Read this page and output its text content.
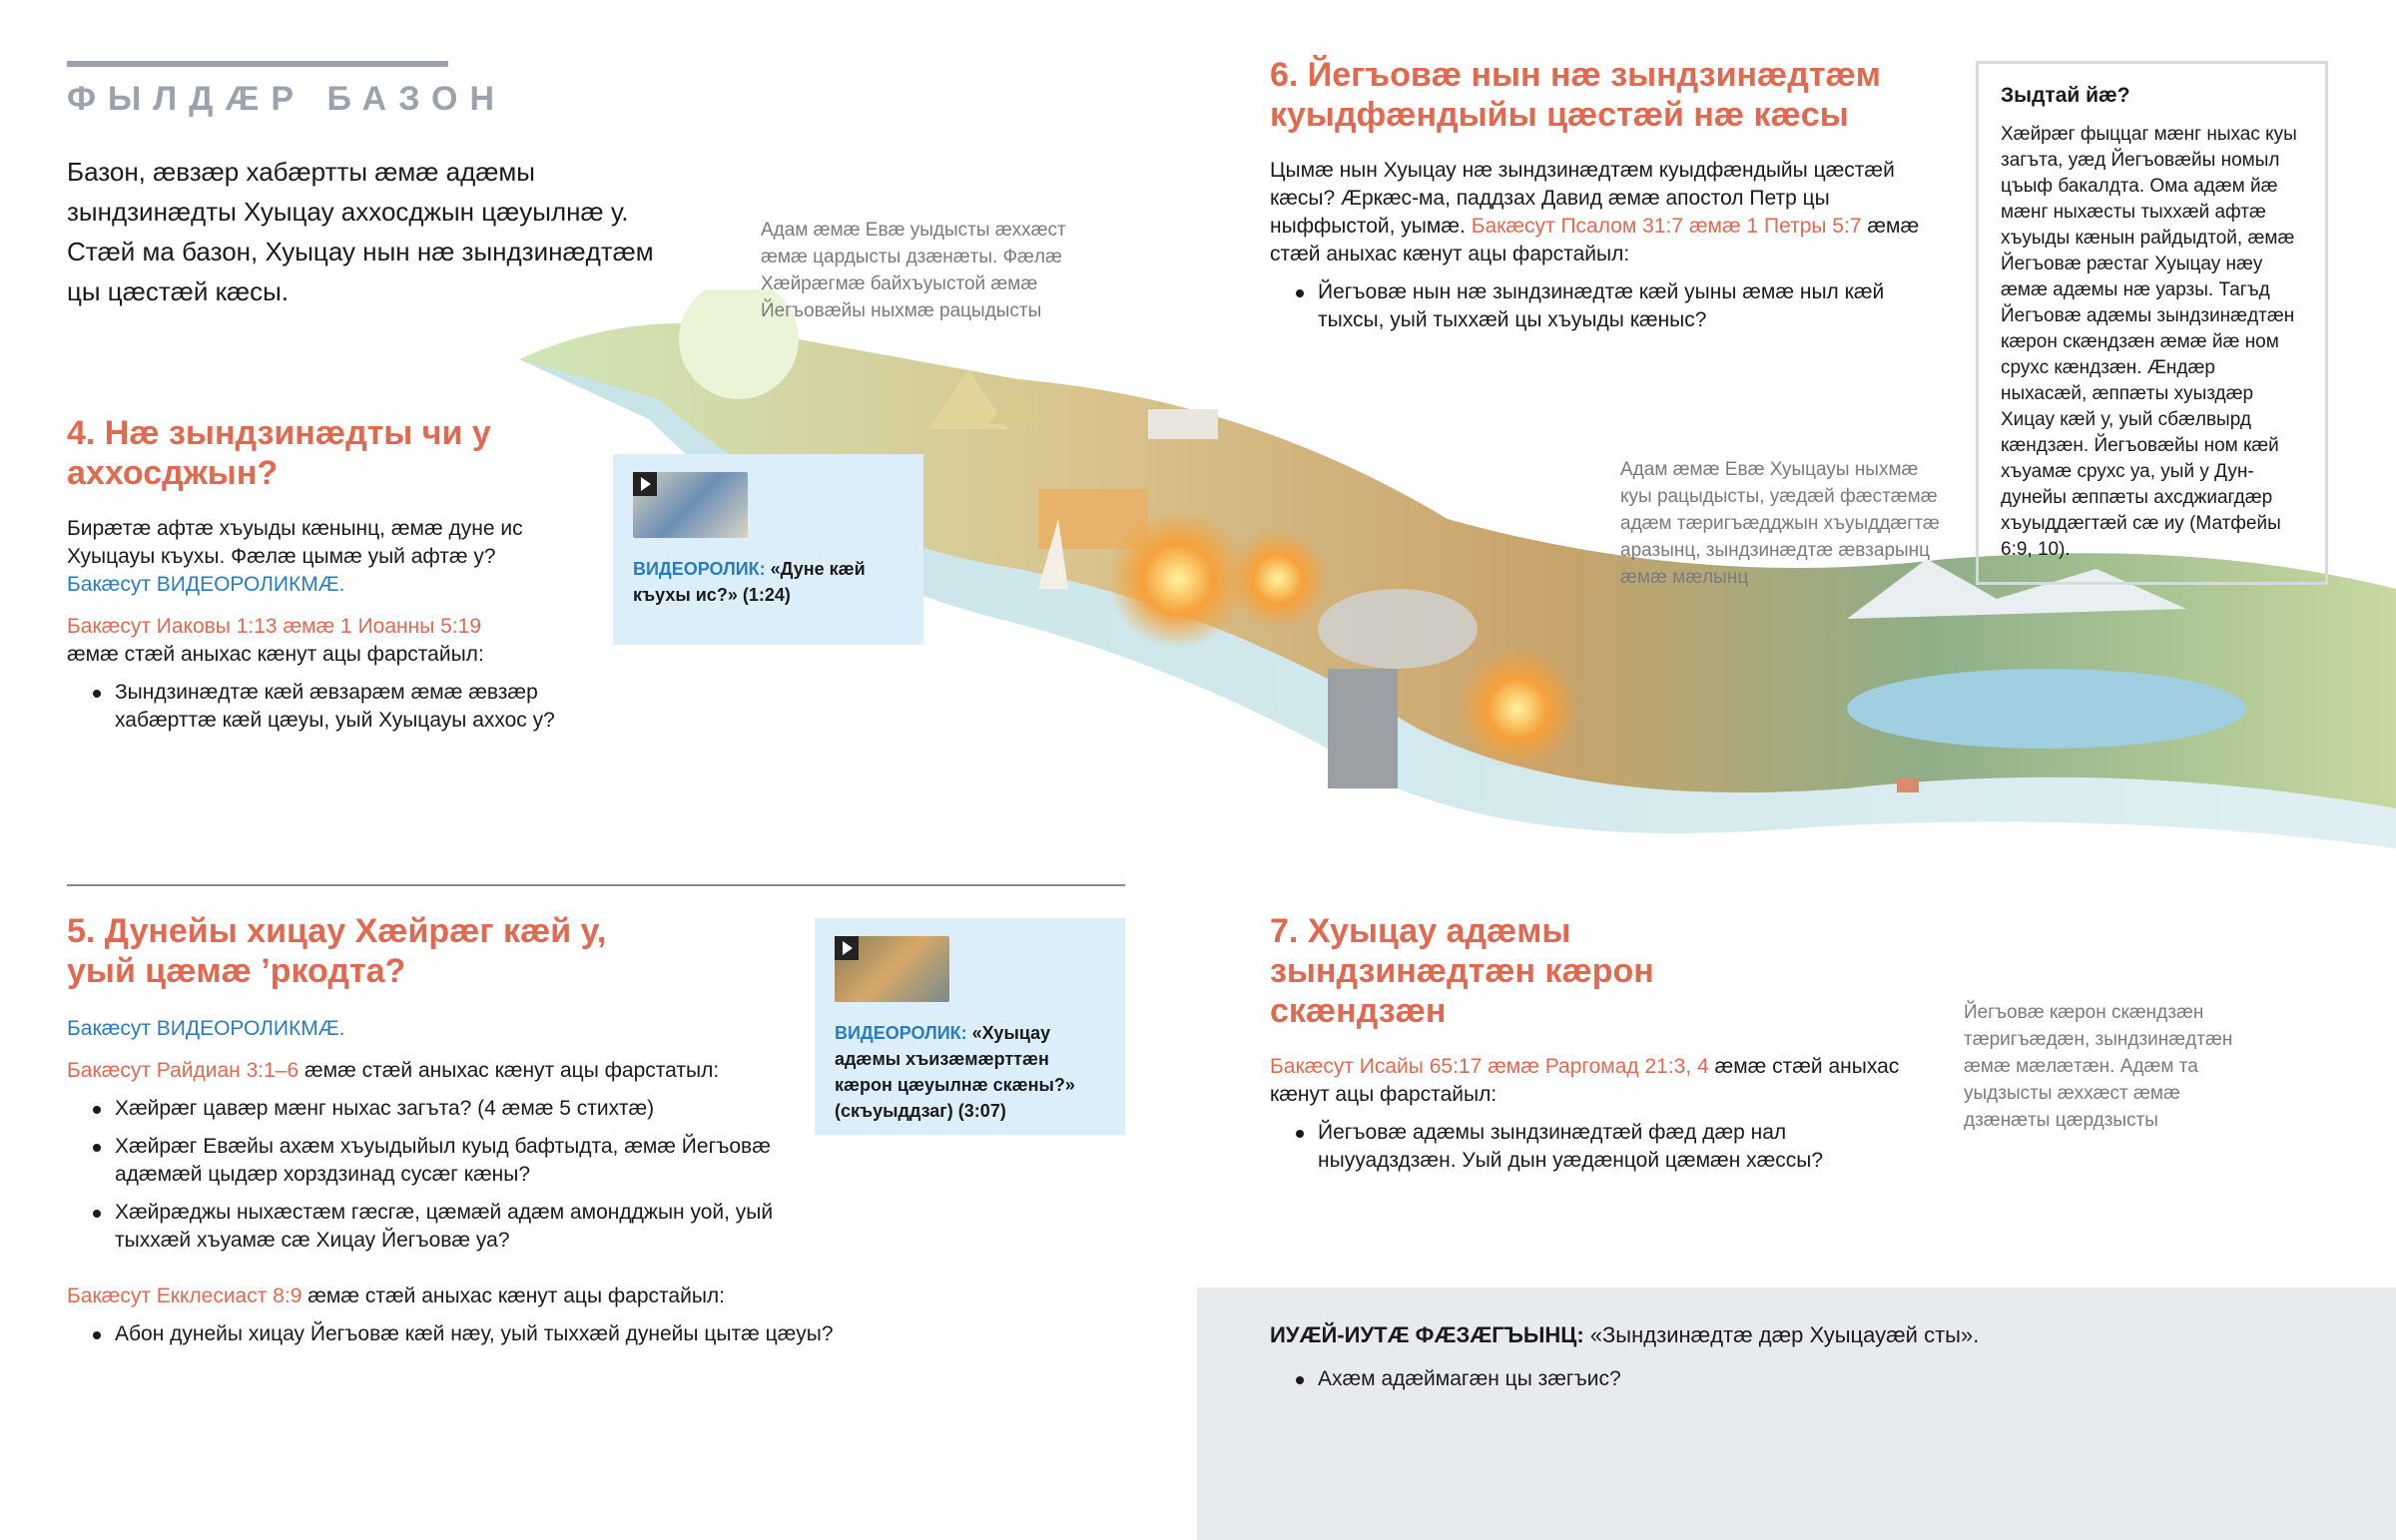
ФЫЛДÆР БАЗОН
Базон, æвзæр хабæртты æмæ адæмы зындзинæдты Хуыцау аххосджын цæуылнæ у. Стæй ма базон, Хуыцау нын нæ зындзинæдтæм цы цæстæй кæсы.
Адам æмæ Евæ уыдысты æххæст æмæ цардысты дзæнæты. Фæлæ Хæйрæгмæ байхъуыстой æмæ Йегъовæйы ныхмæ рацыдысты
Адам æмæ Евæ Хуыцауы ныхмæ куы рацыдысты, уæдæй фæстæмæ адæм тæригъæдджын хъуыддæгтæ аразынц, зындзинæдтæ æвзарынц æмæ мæлынц
Йегъовæ кæрон скæндзæн тæригъæдæн, зындзинæдтæн æмæ мæлæтæн. Адæм та уыдзысты æххæст æмæ дзæнæты цæрдзысты
4. Нæ зындзинæдты чи у аххосджын?
Бирæтæ афтæ хъуыды кæнынц, æмæ дуне ис Хуыцауы къухы. Фæлæ цымæ уый афтæ у?
Бакæсут ВИДЕОРОЛИКМÆ.
Бакæсут Иаковы 1:13 æмæ 1 Иоанны 5:19
æмæ стæй аныхас кæнут ацы фарстайыл:
Зындзинæдтæ кæй æвзарæм æмæ æвзæр хабæрттæ кæй цæуы, уый Хуыцауы аххос у?
ВИДЕОРОЛИК: «Дуне кæй къухы ис?» (1:24)
5. Дунейы хицау Хæйрæг кæй у, уый цæмæ ’ркодта?
Бакæсут ВИДЕОРОЛИКМÆ.
Бакæсут Райдиан 3:1–6 æмæ стæй аныхас кæнут ацы фарстатыл:
Хæйрæг цавæр мæнг ныхас загъта? (4 æмæ 5 стихтæ)
Хæйрæг Евæйы ахæм хъуыдыйыл куыд бафтыдта, æмæ Йегъовæ адæмæй цыдæр хорздзинад сусæг кæны?
Хæйрæджы ныхæстæм гæсгæ, цæмæй адæм амондджын уой, уый тыххæй хъуамæ сæ Хицау Йегъовæ уа?
Бакæсут Екклесиаст 8:9 æмæ стæй аныхас кæнут ацы фарстайыл:
Абон дунейы хицау Йегъовæ кæй нæу, уый тыххæй дунейы цытæ цæуы?
ВИДЕОРОЛИК: «Хуыцау адæмы хъизæмæрттæн кæрон цæуылнæ скæны?» (скъуыддзаг) (3:07)
6. Йегъовæ нын нæ зындзинæдтæм куыдфæндыйы цæстæй нæ кæсы
Цымæ нын Хуыцау нæ зындзинæдтæм куыдфæндыйы цæстæй кæсы? Æркæс-ма, паддзах Давид æмæ апостол Петр цы ныффыстой, уымæ. Бакæсут Псалом 31:7 æмæ 1 Петры 5:7 æмæ стæй аныхас кæнут ацы фарстайыл:
Йегъовæ нын нæ зындзинæдтæ кæй уыны æмæ ныл кæй тыхсы, уый тыххæй цы хъуыды кæныс?
Зыдтай йæ?

Хæйрæг фыццаг мæнг ныхас куы загъта, уæд Йегъовæйы номыл цъыф бакалдта. Ома адæм йæ мæнг ныхæсты тыххæй афтæ хъуыды кæнын райдыдтой, æмæ Йегъовæ рæстаг Хуыцау нæу æмæ адæмы нæ уарзы. Тагъд Йегъовæ адæмы зындзинæдтæн кæрон скæндзæн æмæ йæ ном срухс кæндзæн. Æндæр ныхасæй, æппæты хуыздæр Хицау кæй у, уый сбæлвырд кæндзæн. Йегъовæйы ном кæй хъуамæ срухс уа, уый у Дун-дунейы æппæты ахсджиагдæр хъуыддæгтæй сæ иу (Матфейы 6:9, 10).

7. Хуыцау адæмы зындзинæдтæн кæрон скæндзæн
Бакæсут Исайы 65:17 æмæ Раргомад 21:3, 4 æмæ стæй аныхас кæнут ацы фарстайыл:
Йегъовæ адæмы зындзинæдтæй фæд дæр нал ныууадздзæн. Уый дын уæдæнцой цæмæн хæссы?
ИУÆЙ-ИУТÆ ФÆЗÆГЪЫНЦ: «Зындзинæдтæ дæр Хуыцауæй сты».
Ахæм адæймагæн цы зæгъис?
